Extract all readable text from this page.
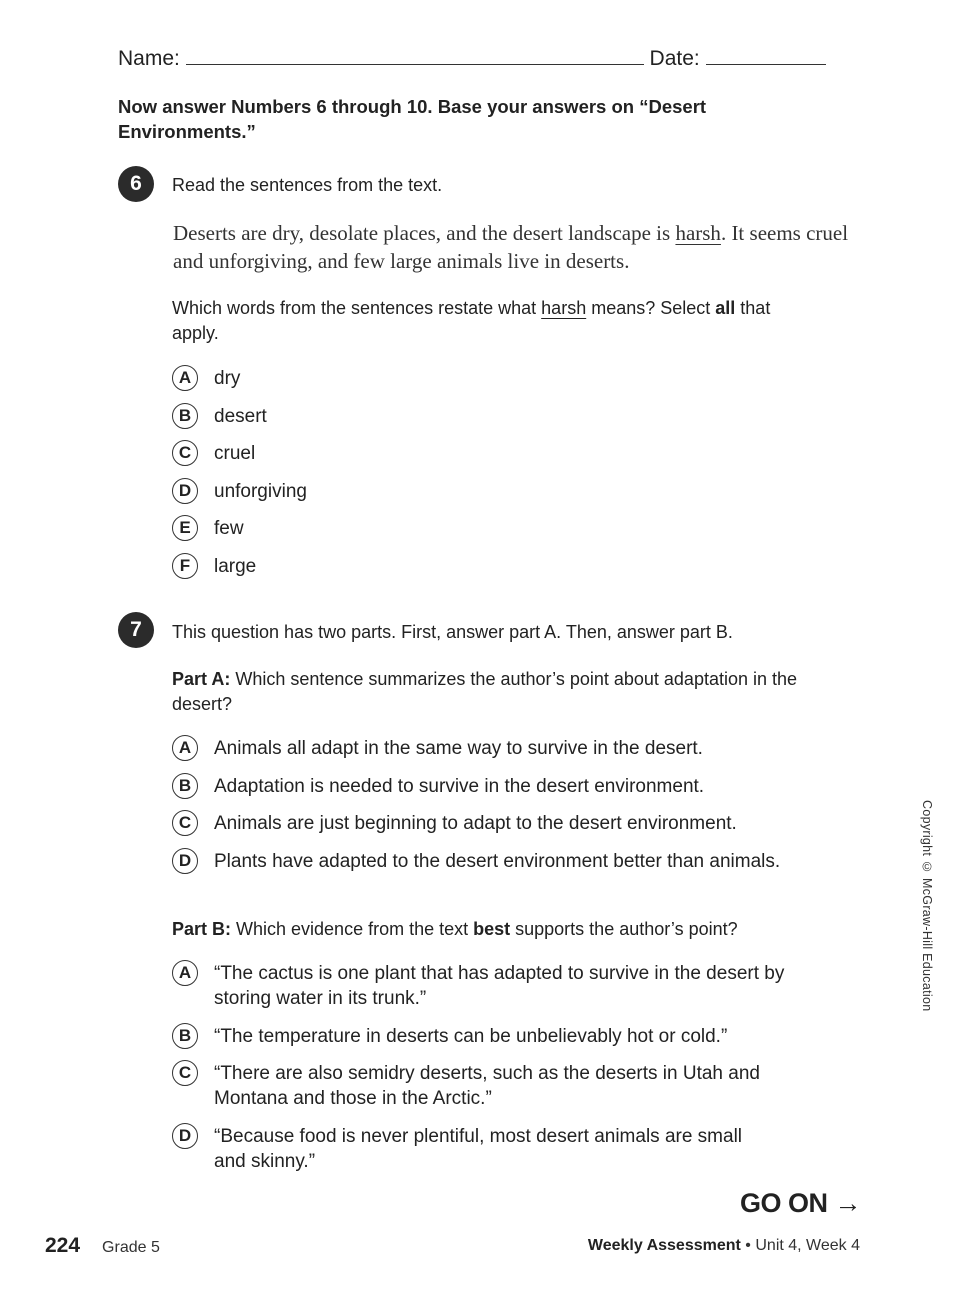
Name:	Date:
Now answer Numbers 6 through 10. Base your answers on “Desert Environments.”
6	Read the sentences from the text.
Deserts are dry, desolate places, and the desert landscape is harsh. It seems cruel and unforgiving, and few large animals live in deserts.
Which words from the sentences restate what harsh means? Select all that apply.
A	dry
B	desert
C	cruel
D	unforgiving
E	few
F	large
7	This question has two parts. First, answer part A. Then, answer part B.
Part A: Which sentence summarizes the author’s point about adaptation in the desert?
A	Animals all adapt in the same way to survive in the desert.
B	Adaptation is needed to survive in the desert environment.
C	Animals are just beginning to adapt to the desert environment.
D	Plants have adapted to the desert environment better than animals.
Part B: Which evidence from the text best supports the author’s point?
A	“The cactus is one plant that has adapted to survive in the desert by storing water in its trunk.”
B	“The temperature in deserts can be unbelievably hot or cold.”
C	“There are also semidry deserts, such as the deserts in Utah and Montana and those in the Arctic.”
D	“Because food is never plentiful, most desert animals are small and skinny.”
Copyright © McGraw-Hill Education
GO ON →
224 Grade 5	Weekly Assessment • Unit 4, Week 4
